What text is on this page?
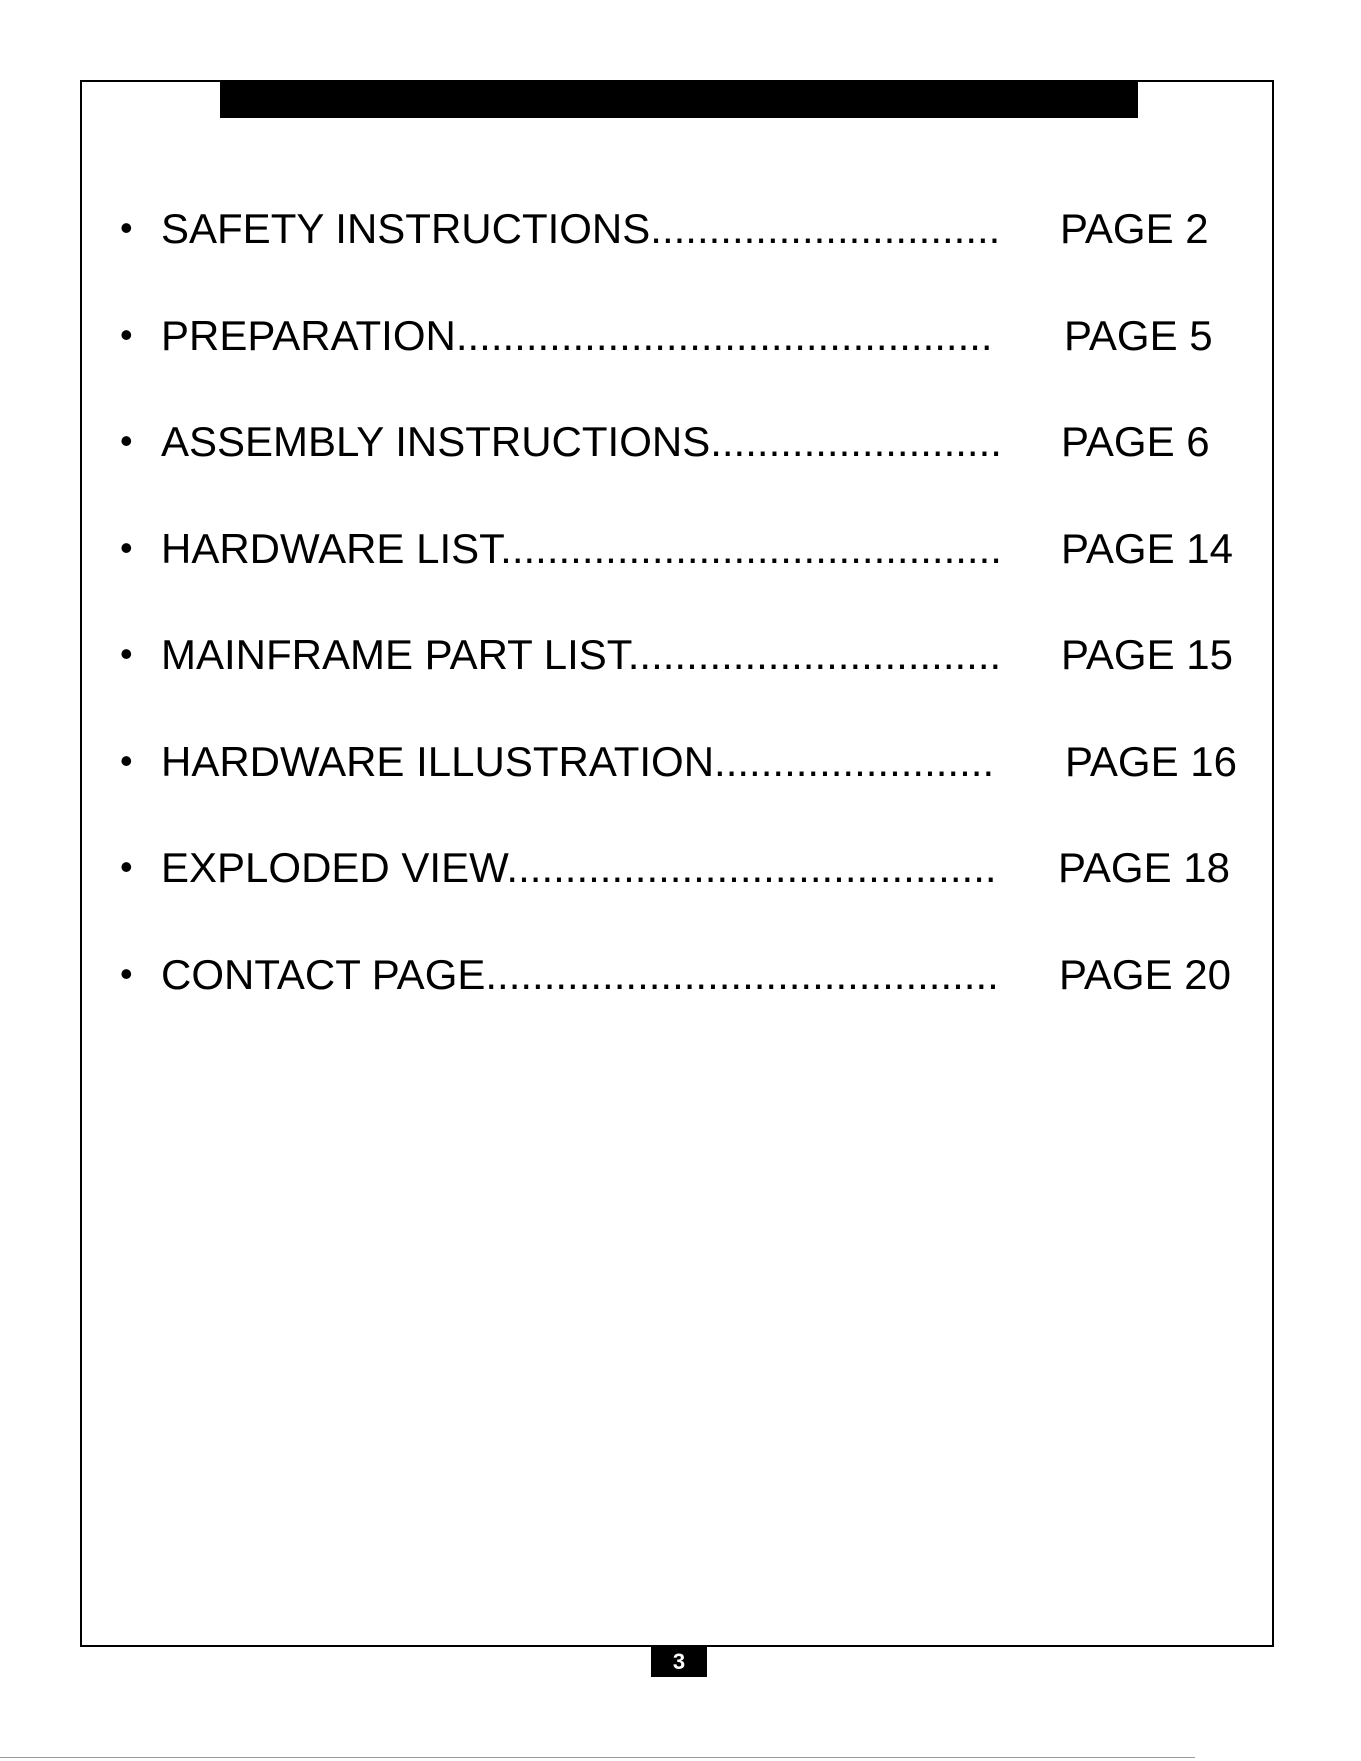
• SAFETY INSTRUCTIONS.............................. PAGE 2
• PREPARATION.............................................. PAGE 5
• ASSEMBLY INSTRUCTIONS......................... PAGE 6
• HARDWARE LIST........................................... PAGE 14
• MAINFRAME PART LIST................................ PAGE 15
• HARDWARE ILLUSTRATION........................ PAGE 16
• EXPLODED VIEW.......................................... PAGE 18
• CONTACT PAGE............................................ PAGE 20
3
